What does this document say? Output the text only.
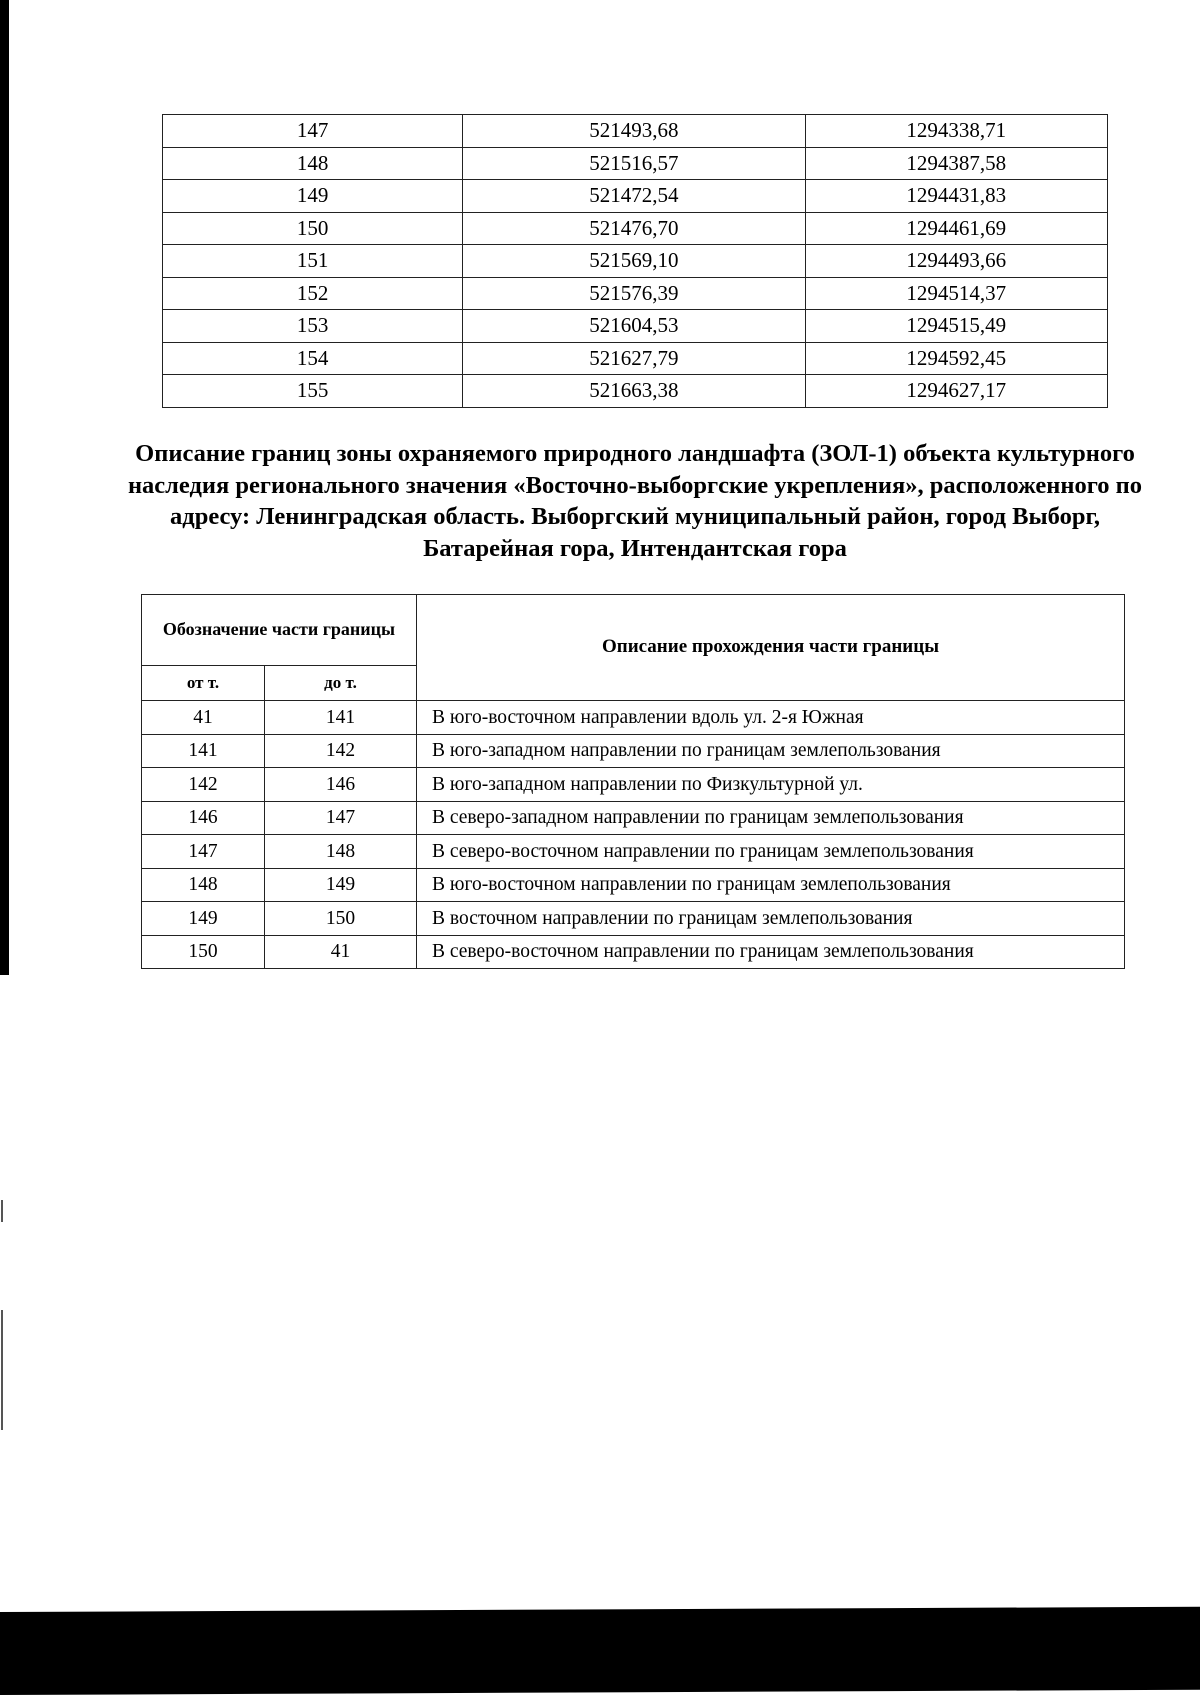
147	521493,68	1294338,71
148	521516,57	1294387,58
149	521472,54	1294431,83
150	521476,70	1294461,69
151	521569,10	1294493,66
152	521576,39	1294514,37
153	521604,53	1294515,49
154	521627,79	1294592,45
155	521663,38	1294627,17
Описание границ зоны охраняемого природного ландшафта (ЗОЛ-1) объекта культурного наследия регионального значения «Восточно-выборгские укрепления», расположенного по адресу: Ленинградская область. Выборгский муниципальный район, город Выборг, Батарейная гора, Интендантская гора
Обозначение части границы		Описание прохождения части границы
от т.	до т.	
41	141	В юго-восточном направлении вдоль ул. 2-я Южная
141	142	В юго-западном направлении по границам землепользования
142	146	В юго-западном направлении по Физкультурной ул.
146	147	В северо-западном направлении по границам землепользования
147	148	В северо-восточном направлении по границам землепользования
148	149	В юго-восточном направлении по границам землепользования
149	150	В восточном направлении по границам землепользования
150	41	В северо-восточном направлении по границам землепользования
